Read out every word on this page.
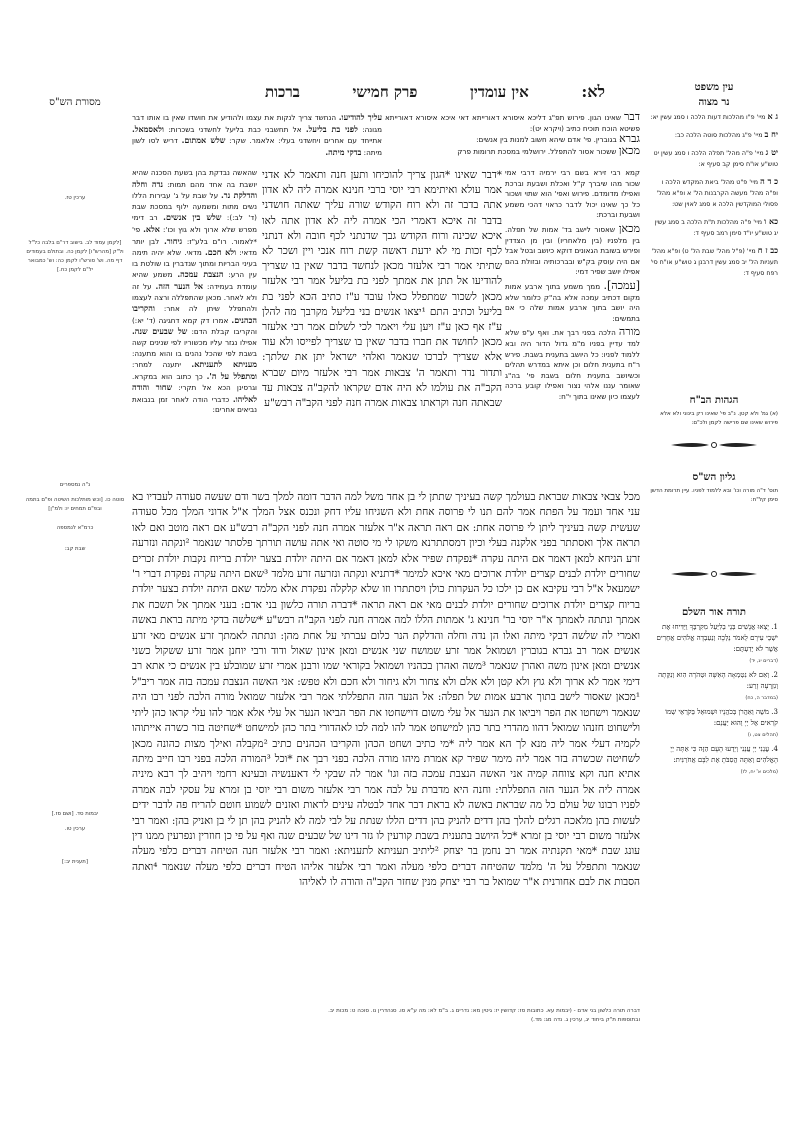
לא:
אין עומדין
פרק חמישי
ברכות	עין משפט
נר מצוה
ג א מיי' פ"ו מהלכות דעות הלכה ו סמג עשין יא:
יח ב מיי' פ"ג מהלכות סוטה הלכה כב:
יט ג מיי' פ"ה מהל' תפלה הלכה ו סמג עשין יט טוש"ע או"ח סימן קב סעיף א:
כ ד ה מיי' פ"ט מהל' ביאת המקדש הלכה ו ופ"ה מהל' מעשה הקרבנות הל' א ופ"א מהל' פסולי המוקדשין הלכה א סמג לאוין שט:
כא ו מיי' פ"ה מהלכות ת"ת הלכה ב סמג עשין יג טוש"ע יו"ד סימן רמב סעיף ד:
כב ז ח מיי' (פ"ל מהל' שבת הל' ט) ופ"א מהל' תעניות הל' יב סמג עשין דרבנן ג טוש"ע או"ח סי' רפח סעיף ד:
הגהות הב"ח
(א) גמ' ולא קטן. נ"ב פי' שאינו רק בינוני ולא אלא פירוש שאינו שם פרישה לקמן ולכ"ם:
גליון הש"ס
תוס' ד"ה מורה וכו' ובא ללמוד לפניו. עיין תרומת הדשן סימן קל"ח:
תורה אור השלם
1. יָצְאוּ אֲנָשִׁים בְּנֵי בְלִיַּעַל מִקִּרְבֶּךָ וַיַּדִּיחוּ אֶת יֹשְׁבֵי עִירָם לֵאמֹר נֵלְכָה וְנַעַבְדָה אֱלֹהִים אֲחֵרִים אֲשֶׁר לֹא יְדַעְתֶּם:
(דברים יג, יד)
2. וְאִם לֹא נִטְמְאָה הָאִשָּׁה וּטְהֹרָה הִוא וְנִקְּתָה וְנִזְרְעָה זָרַע:
(במדבר ה, כח)
3. מֹשֶׁה וְאַהֲרֹן בְּכֹהֲנָיו וּשְׁמוּאֵל בְּקֹרְאֵי שְׁמוֹ קֹרִאים אֶל יְיָ וְהוּא יַעֲנֵם:
(תהלים צט, ו)
4. עֲנֵנִי יְיָ עֲנֵנִי וְיֵדְעוּ הָעָם הַזֶּה כִּי אַתָּה יְיָ הָאֱלֹהִים וְאַתָּה הֲסִבֹּתָ אֶת לִבָּם אֲחֹרַנִּית:
(מלכים א' יח, לז)
מסורת הש"ס
ערכין טז.
[לקמן עמוד לב. בישוב דר"ם בלבה כל"ל ול"ק [מהרש"ו] לקמן כה. ובתולם בעמודים דף מה. וש' סורש"ו לקמן כה: וש' כמבואר יל"ם לקמן כח.]
נ"ה נמספרים
סוטה כו. [וכש מותלכות השיטה ופ"ם בתמה ובפ"ם תמחים יו: ולמ"ן]
כרמ"א לנמספה
שבת קב:
יבמות סד. [ושם סז.]
ערכין טו.
[תענית יב:]

דבר שאינו הגון. פירוש תפ"ג דליכא איסורא דאורייתא דאי איכא איסורא דאורייתא פשיטא הוכח תוכיח כתיב (ויקרא יט):

גברא בגוברין. פי' אדם שיהא חשוב למנות בין אנשים:

מכאן ששכור אסור להתפלל. ירושלמי במסכת תרומות פרק

קמא רבי זירא בשם רבי ירמיה דרבי אמי שכור מהו שיברך ק"ל ואכלת ושבעת וברכת ואפילו מדומדם. פירוש ואפי' הוא שתוי ושכור כל כך שאינו יכול לדבר כראוי דהכי משמע ושבעת וברכת:

מכאן שאסור לישב בד' אמות של תפלה. בין מלפניו (בין מלאחריו) ובין מן הצדדין ופירש בשובת הגאונים דוקא כיושב ובטל אבל אם היה עוסק בק"ש ובברכותיה ובזולת בהם אפילו יושב שפיר דמי:

[עמכה]. ממך משמע בתוך ארבע אמות מקום דכתיב עמכה אלא בה"ק כלומר שלא היה יושב בתוך ארבע אמות שלה כי אם בתמשים:

מורה הלכה בפני רבך את. ואף ע"פ שלא למד עדיין בפניו מ"מ גדול הדור היה ובא ללמוד לפניו: כל היושב בתענית בשבת. פירש ר"ח בתענית חלום וכן איתא במדרש תהלים וכשיושב בתענית חלום בשבת פי' בה"ג שאומר עננו אלהי נצור ואפילו קובע ברכה לעצמו כיון שאינו בתוך י"ח:

עליך להודיעו. הנחשד צריך לנקות את עצמו ולהודיע את חושדו שאין בו אותו דבר מגונה: לפני בת בליעל. אל תחשבני כבת בליעל לחשדני בשכרות: ולאסמאל. אתייחד עם אחרים ויחשדני בעלי: אלאמר. שקר: שלש אמתום. דריש לסו לשון מיתה: בדקי מיתה.

שהאשה נבדקת בהן בשעת הסכנה שהיא יושבת בה אחד מהם תמות: נדה וחלה והדלקת נר. על שבת על ג' עבירות הללו נשים מתות ומשמעה ילוף במסכת שבת (ד' לב:): שלש בין אנשים. רב דימי מפרש שלא ארוך ולא גוץ וכו': אלא. פי' *לאמור. רו"ם בלע"ז: גיחור. לבן יותר מדאי: ולא חכם. מדאי. שלא יהיה תימה בעיני הבריות ומתוך שנדברין בו שולטת בו עין הרע: הנצבת עמכה. משמע שהיא עומדת בעמידה: אל הנער הזה. על זה ולא לאחר. מכאן שהתפללה ורצה לעצמו ולהתפלל שיתן לה אחר: והקריבו הכהנים. אמרו דק קמא דחגיגה (ד' יא:) והקריבו קבלת הדם: של שבעים שנה. אפילו נגזר עליו מכשוריו לפי שנינים קשה בשבת לפי שהכל נהנים בו והוא מתענה: מעניתא לתעניתא. יתענה למחר: ומתפלל על ה'. כך כתוב הוא במקרא. וגרסינן הכא אל תקרי: שחור והודה לאליהו. כדברי הודה לאחר זמן בנבואת נביאים אחרים:

*דבר שאינו *הגון צריך להוכיחו ותען חנה ותאמר לא אדני אמר עולא ואיתימא רבי יוסי ברבי חנינא אמרה ליה לא אדון אתה בדבר זה ולא רוח הקודש שורה עליך שאתה חושדני בדבר זה איכא דאמרי הכי אמרה ליה לא אדון אתה לאו איכא שכינה ורוח הקודש גבך שדנתני לכף חובה ולא דנתני לכף זכות מי לא ידעת דאשה קשת רוח אנכי ויין ושכר לא שתיתי אמר רבי אלעזר מכאן לנחשד בדבר שאין בו שצריך להודיעו אל תתן את אמתך לפני בת בליעל אמר רבי אלעזר מכאן לשכור שמתפלל כאלו עובד ע"ז כתיב הכא לפני בת בליעל וכתיב התם ¹יצאו אנשים בני בליעל מקרבך מה להלן ע"ז אף כאן ע"ז ויען עלי ויאמר לכי לשלום אמר רבי אלעזר מכאן לחושד את חברו בדבר שאין בו שצריך לפייסו ולא עוד אלא שצריך לברכו שנאמר ואלהי ישראל יתן את שלתך: ותדור נדר ותאמר ה' צבאות אמר רבי אלעזר מיום שברא הקב"ה את עולמו לא היה אדם שקראו להקב"ה צבאות עד שבאתה חנה וקראתו צבאות אמרה חנה לפני הקב"ה רבש"ע
מכל צבאי צבאות שבראת בעולמך קשה בעיניך שתתן לי בן אחד משל למה הדבר דומה למלך בשר ודם שעשה סעודה לעבדיו בא עני אחד ועמד על הפתח אמר להם תנו לי פרוסה אחת ולא השגיחו עליו דחק ונכנס אצל המלך א"ל אדוני המלך מכל סעודה שעשית קשה בעיניך ליתן לי פרוסה אחת: אם ראה תראה א"ר אלעזר אמרה חנה לפני הקב"ה רבש"ע אם ראה מוטב ואם לאו תראה אלך ואסתתר בפני אלקנה בעלי וכיון דמסתתרנא משקו לי מי סוטה ואי אתה עושה תורתך פלסתר שנאמר ²ונקתה ונזרעה זרע הניחא למאן דאמר אם היתה עקרה *נפקדת שפיר אלא למאן דאמר אם היתה יולדת בצער יולדת בריוח נקבות יולדת זכרים שחורים יולדת לבנים קצרים יולדת ארוכים מאי איכא למימר *דתניא ונקתה ונזרעה זרע מלמד ³שאם היתה עקרה נפקדת דברי ר' ישמעאל א"ל רבי עקיבא אם כן ילכו כל העקרות כולן ויסתתרו וזו שלא קלקלה נפקדת אלא מלמד שאם היתה יולדת בצער יולדת בריוח קצרים יולדת ארוכים שחורים יולדת לבנים מאי אם ראה תראה *דברה תורה כלשון בני אדם: בעני אמתך אל תשכח את אמתך ונתתה לאמתך א"ר יוסי בר' חנינא ג' אמתות הללו למה אמרה חנה לפני הקב"ה רבש"ע *שלשה בדקי מיתה בראת באשה ואמרי לה שלשה דבקי מיתה ואלו הן נדה וחלה והדלקת הנר כלום עברתי על אחת מהן: ונתתה לאמתך זרע אנשים מאי זרע אנשים אמר רב גברא בגוברין ושמואל אמר זרע שמושח שני אנשים ומאן אינון שאול ודוד ורבי יוחנן אמר זרע ששקול כשני אנשים ומאן אינון משה ואהרן שנאמר ³משה ואהרן בכהניו ושמואל בקוראי שמו ורבנן אמרי זרע שמובלע בין אנשים כי אתא רב דימי אמר לא ארוך ולא גוץ ולא קטן ולא אלם ולא צחור ולא גיחור ולא חכם ולא טפש: אני האשה הנצבת עמכה בזה אמר ריב"ל ¹מכאן שאסור לישב בתוך ארבע אמות של תפלה: אל הנער הזה התפללתי אמר רבי אלעזר שמואל מורה הלכה לפני רבו היה שנאמר וישחטו את הפר ויביאו את הנער אל עלי משום דוישחטו את הפר הביאו הנער אל עלי אלא אמר להו עלי קראו כהן ליתי ולישחוט חזנהו שמואל דהוו מהדרי בתר כהן למישחט אמר להו למה לכו לאהדורי בתר כהן למישחט *שחיטה בזר כשרה אייתוהו לקמיה דעלי אמר ליה מנא לך הא אמר ליה *מי כתיב ושחט הכהן והקריבו הכהנים כתיב ²מקבלה ואילך מצות כהונה מכאן לשחיטה שכשרה בזר אמר ליה מימר שפיר קא אמרת מיהו מורה הלכה בפני רבך את *וכל ³המורה הלכה בפני רבו חייב מיתה אתיא חנה וקא צווחה קמיה אני האשה הנצבת עמכה בזה וגו' אמר לה שבקי לי דאענשיה ובעינא רחמי ויהיב לך רבא מיניה אמרה ליה אל הנער הזה התפללתי: וחנה היא מדברת על לבה אמר רבי אלעזר משום רבי יוסי בן זמרא על עסקי לבה אמרה לפניו רבונו של עולם כל מה שבראת באשה לא בראת דבר אחד לבטלה עינים לראות ואזנים לשמוע חוטם להריח פה לדבר ידים לעשות בהן מלאכה רגלים להלך בהן דדים להניק בהן דדים הללו שנתת על לבי למה לא להניק בהן תן לי בן ואניק בהן: ואמר רבי אלעזר משום רבי יוסי בן זמרא *כל היושב בתענית בשבת קורעין לו גזר דינו של שבעים שנה ואף על פי כן חוזרין ונפרעין ממנו דין עונג שבת *מאי תקנתיה אמר רב נחמן בר יצחק ²ליתיב תעניתא לתעניתא: ואמר רבי אלעזר חנה הטיחה דברים כלפי מעלה שנאמר ותתפלל על ה' מלמד שהטיחה דברים כלפי מעלה ואמר רבי אלעזר אליהו הטיח דברים כלפי מעלה שנאמר ⁴ואתה הסבות את לבם אחורנית א"ר שמואל בר רבי יצחק מנין שחזר הקב"ה והודה לו לאליהו
דברה תורה כלשון בני אדם - (יבמות עא. כתובות סז: קדושין יז: גיטין מא: נדרים ג. ב"מ לא: מה ע"א סו. סנהדרין נו. סוכה ט: מכות יב.
ובתוספות ת"ק ביחוד יג, ערכין ג. נדה מג: מד.)
